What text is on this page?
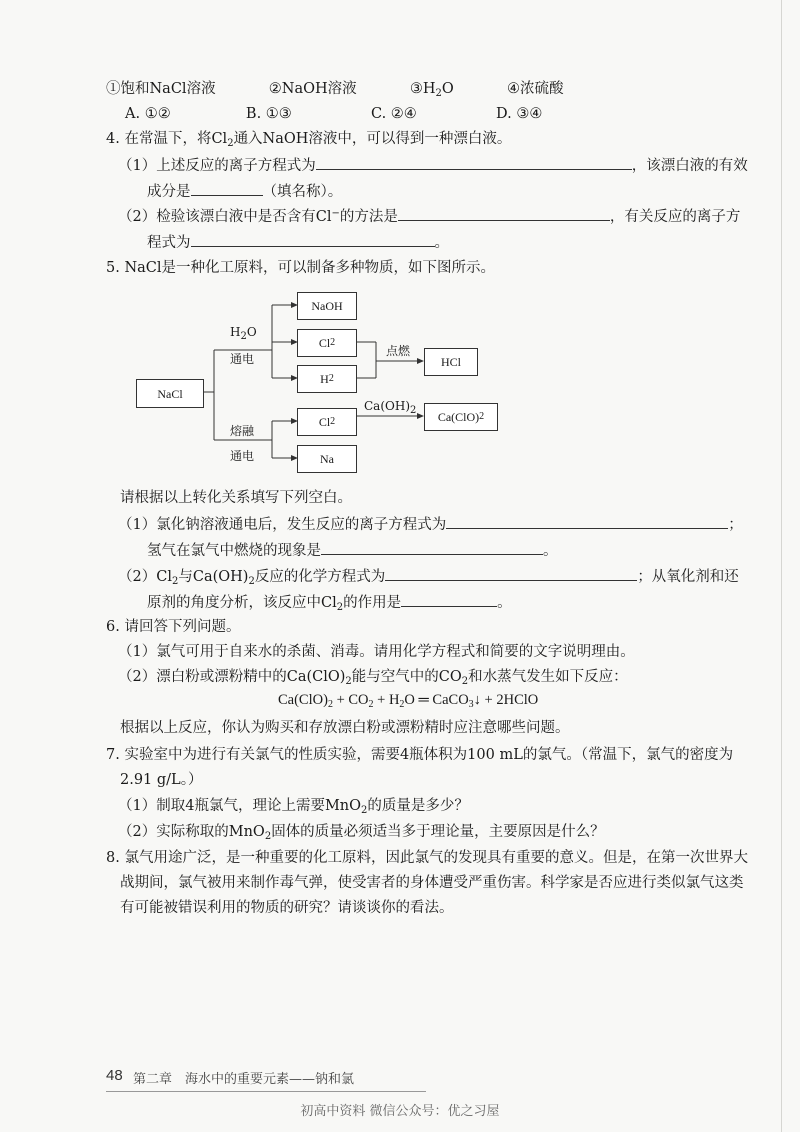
①饱和NaCl溶液	②NaOH溶液	$③H_2O$	④浓硫酸
A. ①②	B. ①③	C. ②④	D. ③④
4. 在常温下，将$Cl_2$通入NaOH溶液中，可以得到一种漂白液。
（1）上述反应的离子方程式为	，该漂白液的有效
成分是	（填名称）。
（2）检验该漂白液中是否含有Cl−的方法是	，有关反应的离子方
程式为	。
5. NaCl是一种化工原料，可以制备多种物质，如下图所示。
NaCl
NaOH
Cl 2
H 2
HCl
Cl 2
Na
Ca(ClO) 2
$H_2O$
通电
点燃
熔融
通电
$Ca(OH)_2$
请根据以上转化关系填写下列空白。
（1）氯化钠溶液通电后，发生反应的离子方程式为	；
氢气在氯气中燃烧的现象是	。
$(2)Cl_2$与$Ca(OH)_2$反应的化学方程式为	；从氧化剂和还
原剂的角度分析，该反应中$Cl_2$的作用是	。
6. 请回答下列问题。
（1）氯气可用于自来水的杀菌、消毒。请用化学方程式和简要的文字说明理由。
（2）漂白粉或漂粉精中的$Ca(ClO)_2$能与空气中的$CO_2$和水蒸气发生如下反应：
$Ca(ClO)_2 + CO_2 + H_2O$ ═ CaCO$_3$↓ + 2HClO
根据以上反应，你认为购买和存放漂白粉或漂粉精时应注意哪些问题。
7. 实验室中为进行有关氯气的性质实验，需要4瓶体积为100 mL的氯气。（常温下，氯气的密度为
2.91 g/L。）
（1）制取4瓶氯气，理论上需要MnO$_2$的质量是多少？
（2）实际称取的MnO$_2$固体的质量必须适当多于理论量，主要原因是什么？
8. 氯气用途广泛，是一种重要的化工原料，因此氯气的发现具有重要的意义。但是，在第一次世界大
战期间，氯气被用来制作毒气弹，使受害者的身体遭受严重伤害。科学家是否应进行类似氯气这类
有可能被错误利用的物质的研究？请谈谈你的看法。
48 第二章　海水中的重要元素——钠和氯
初高中资料 微信公众号：优之习屋
